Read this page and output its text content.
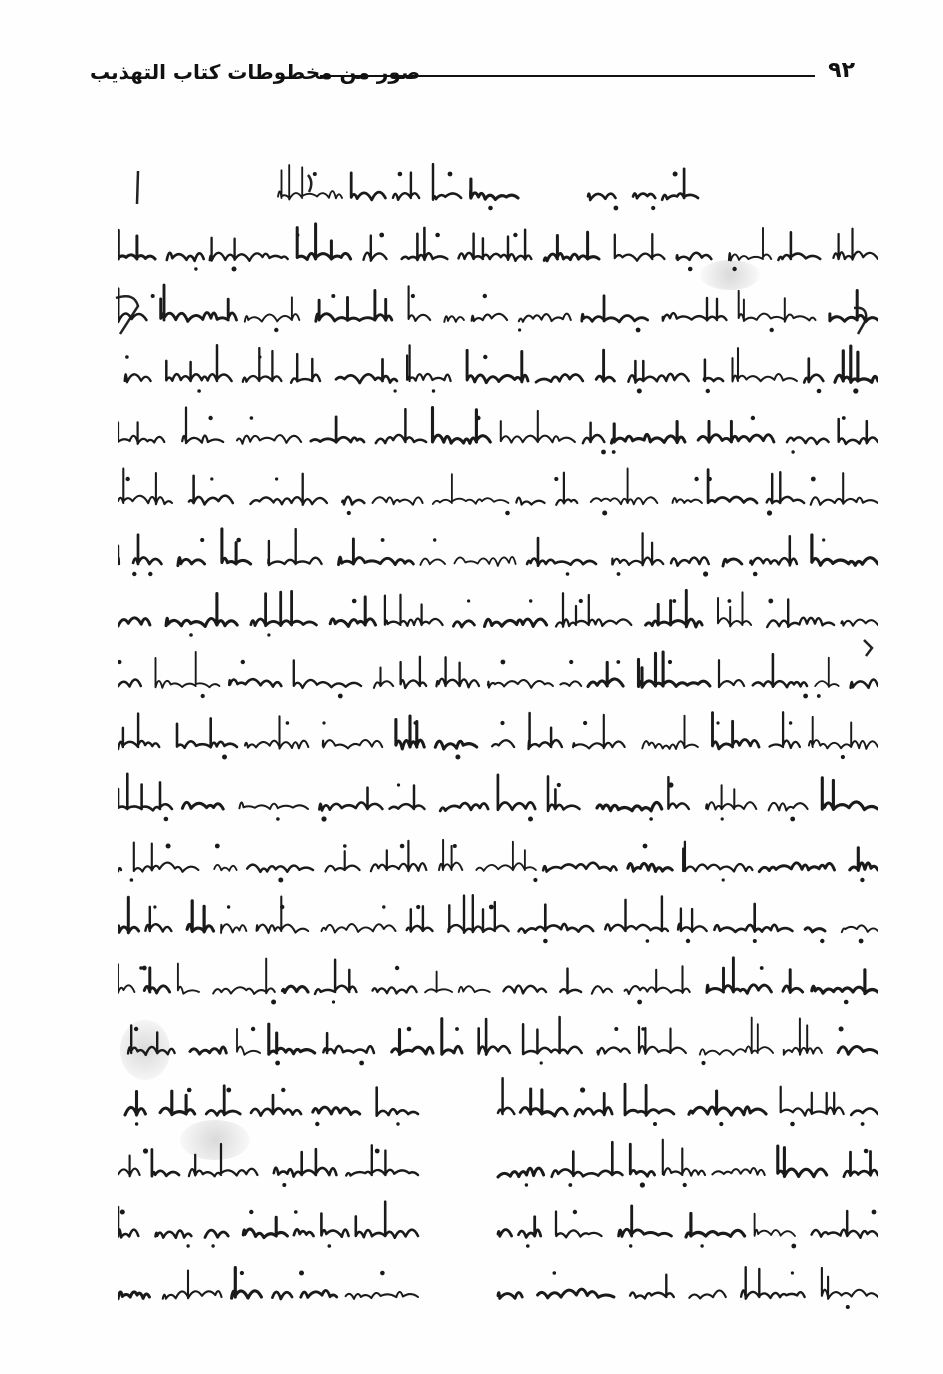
٩٢
صور من مخطوطات كتاب التهذيب
